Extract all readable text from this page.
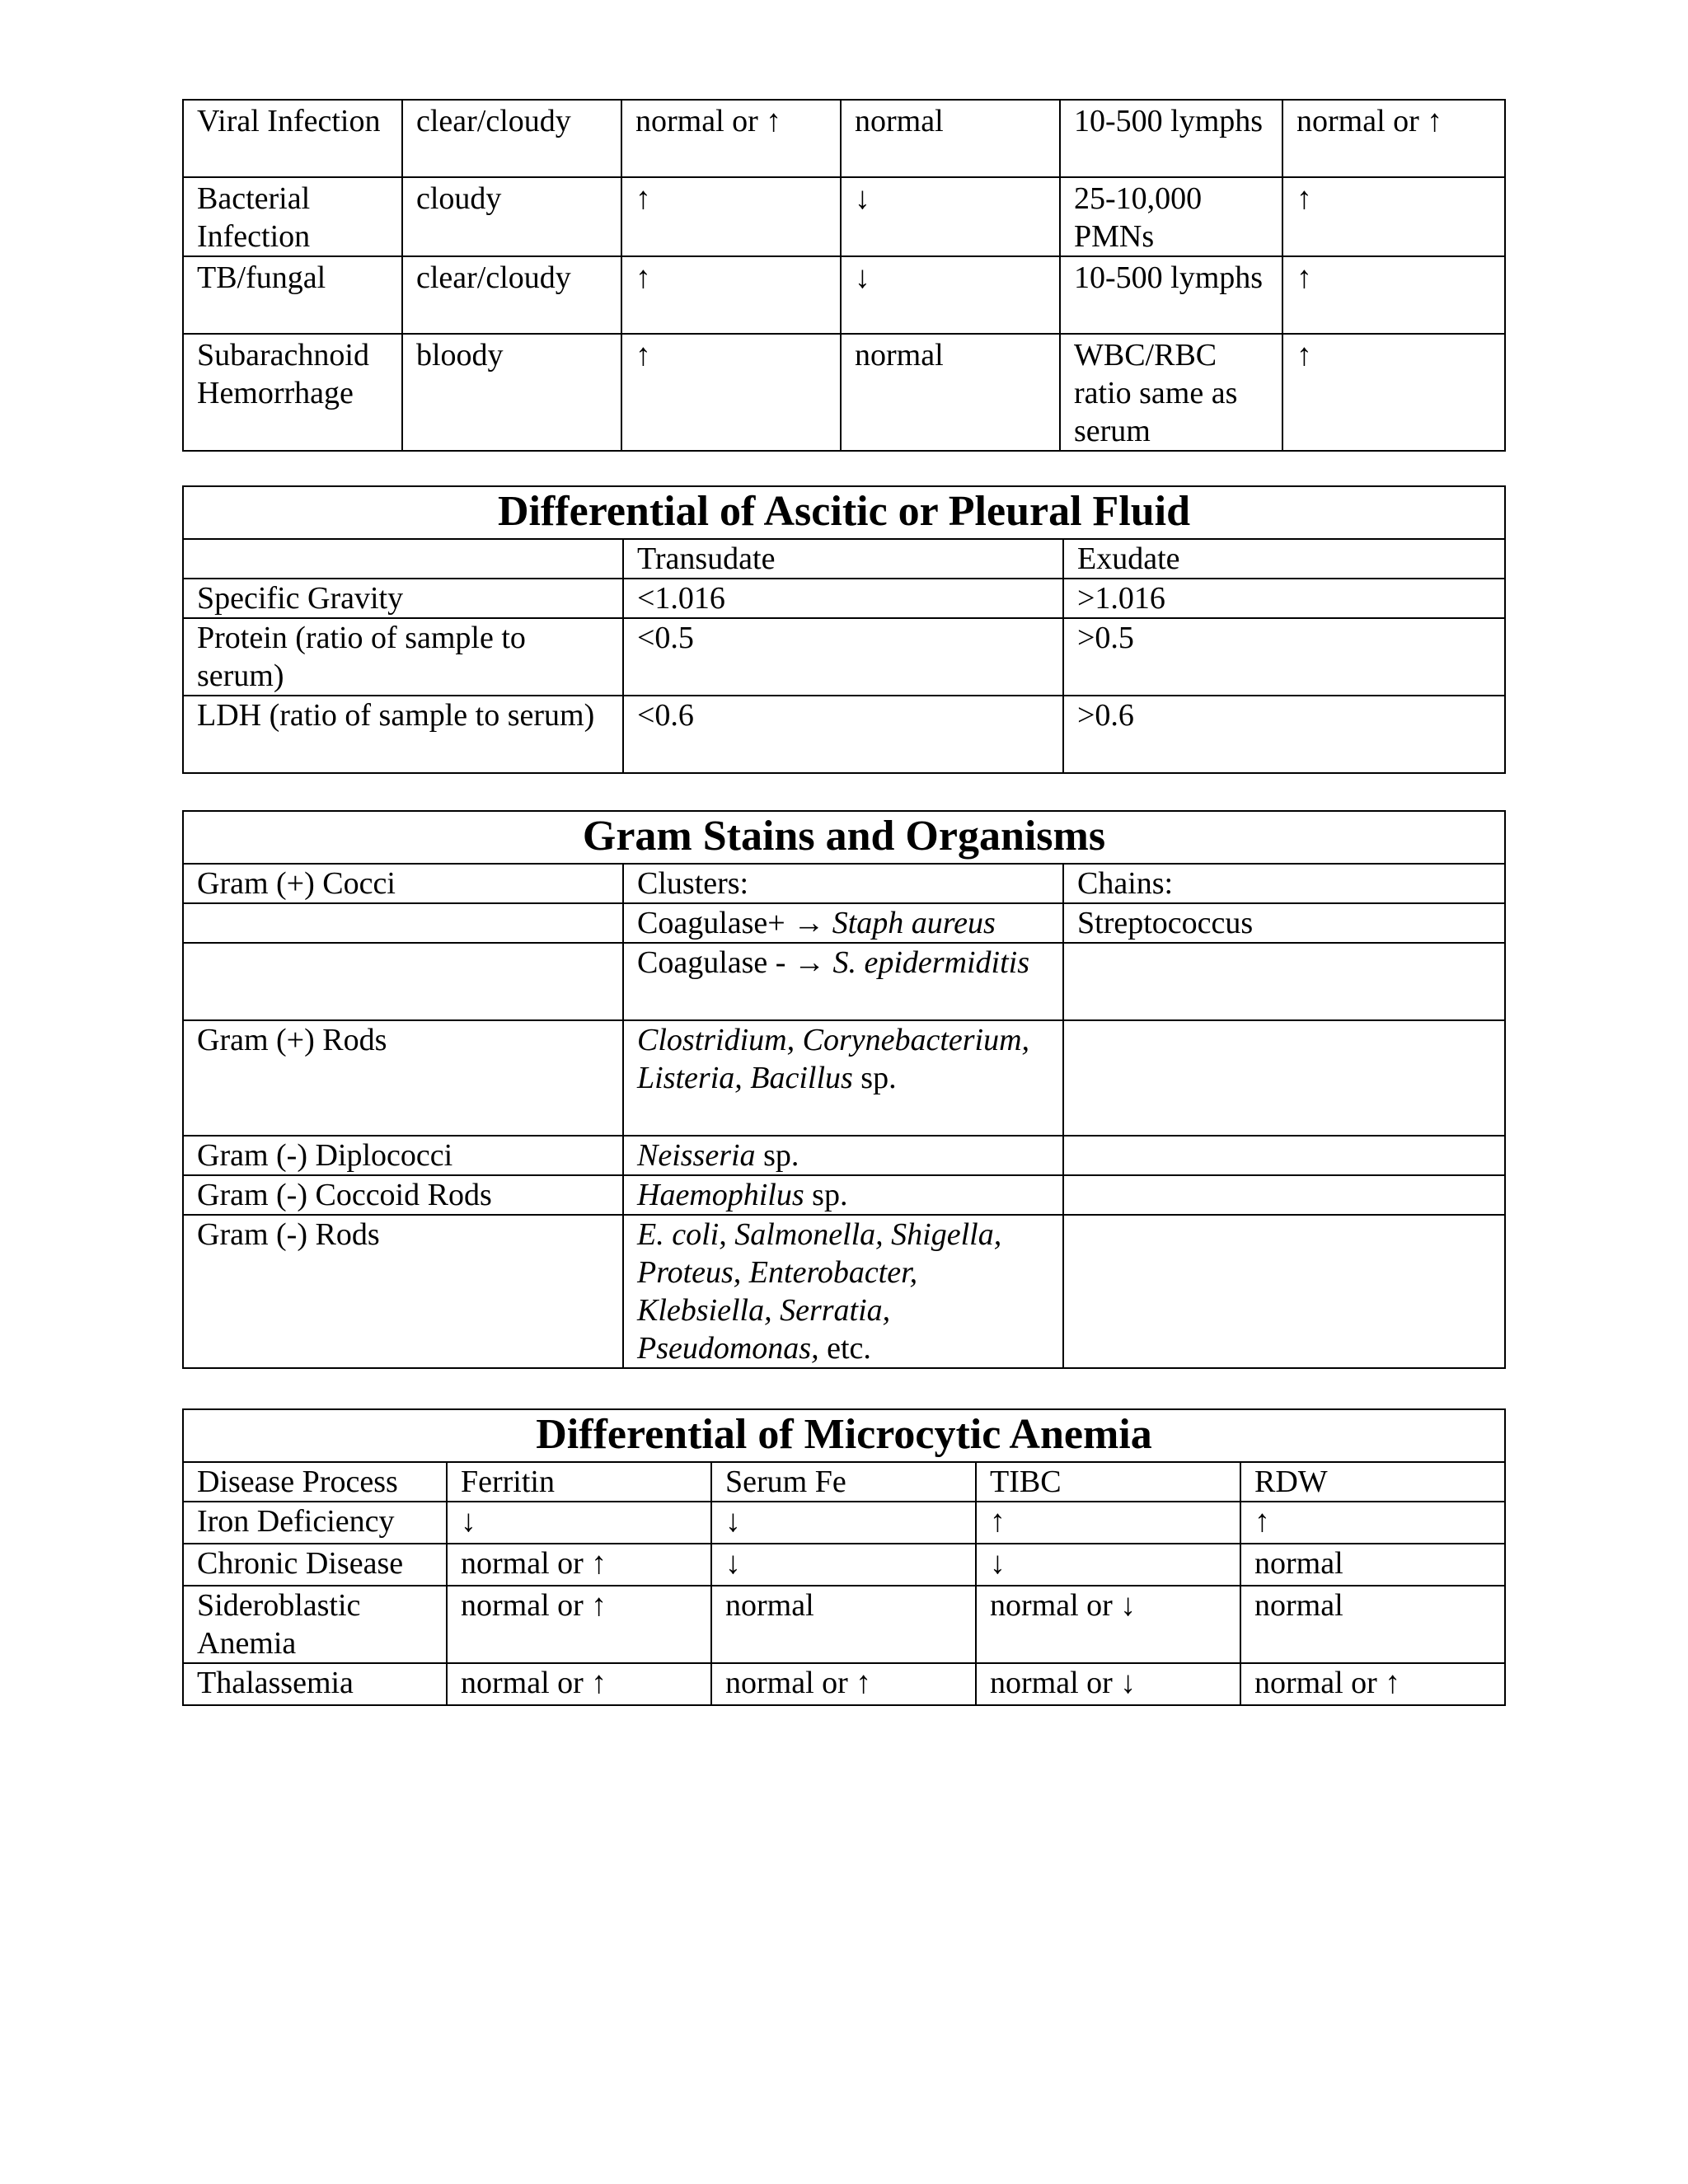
Viral Infection	clear/cloudy	normal or ↑	normal	10-500 lymphs	normal or ↑
Bacterial Infection	cloudy	↑	↓	25-10,000 PMNs	↑
TB/fungal	clear/cloudy	↑	↓	10-500 lymphs	↑
Subarachnoid Hemorrhage	bloody	↑	normal	WBC/RBC ratio same as serum	↑
Differential of Ascitic or Pleural Fluid		
	Transudate	Exudate
Specific Gravity	<1.016	>1.016
Protein (ratio of sample to serum)	<0.5	>0.5
LDH (ratio of sample to serum)	<0.6	>0.6
Gram Stains and Organisms		
Gram (+) Cocci	Clusters:	Chains:
	Coagulase+ → Staph aureus	Streptococcus
	Coagulase - → S. epidermiditis	
Gram (+) Rods	Clostridium, Corynebacterium, Listeria, Bacillus sp.	
Gram (-) Diplococci	Neisseria sp.	
Gram (-) Coccoid Rods	Haemophilus sp.	
Gram (-) Rods	E. coli, Salmonella, Shigella, Proteus, Enterobacter, Klebsiella, Serratia, Pseudomonas, etc.	
Differential of Microcytic Anemia				
Disease Process	Ferritin	Serum Fe	TIBC	RDW
Iron Deficiency	↓	↓	↑	↑
Chronic Disease	normal or ↑	↓	↓	normal
Sideroblastic Anemia	normal or ↑	normal	normal or ↓	normal
Thalassemia	normal or ↑	normal or ↑	normal or ↓	normal or ↑
